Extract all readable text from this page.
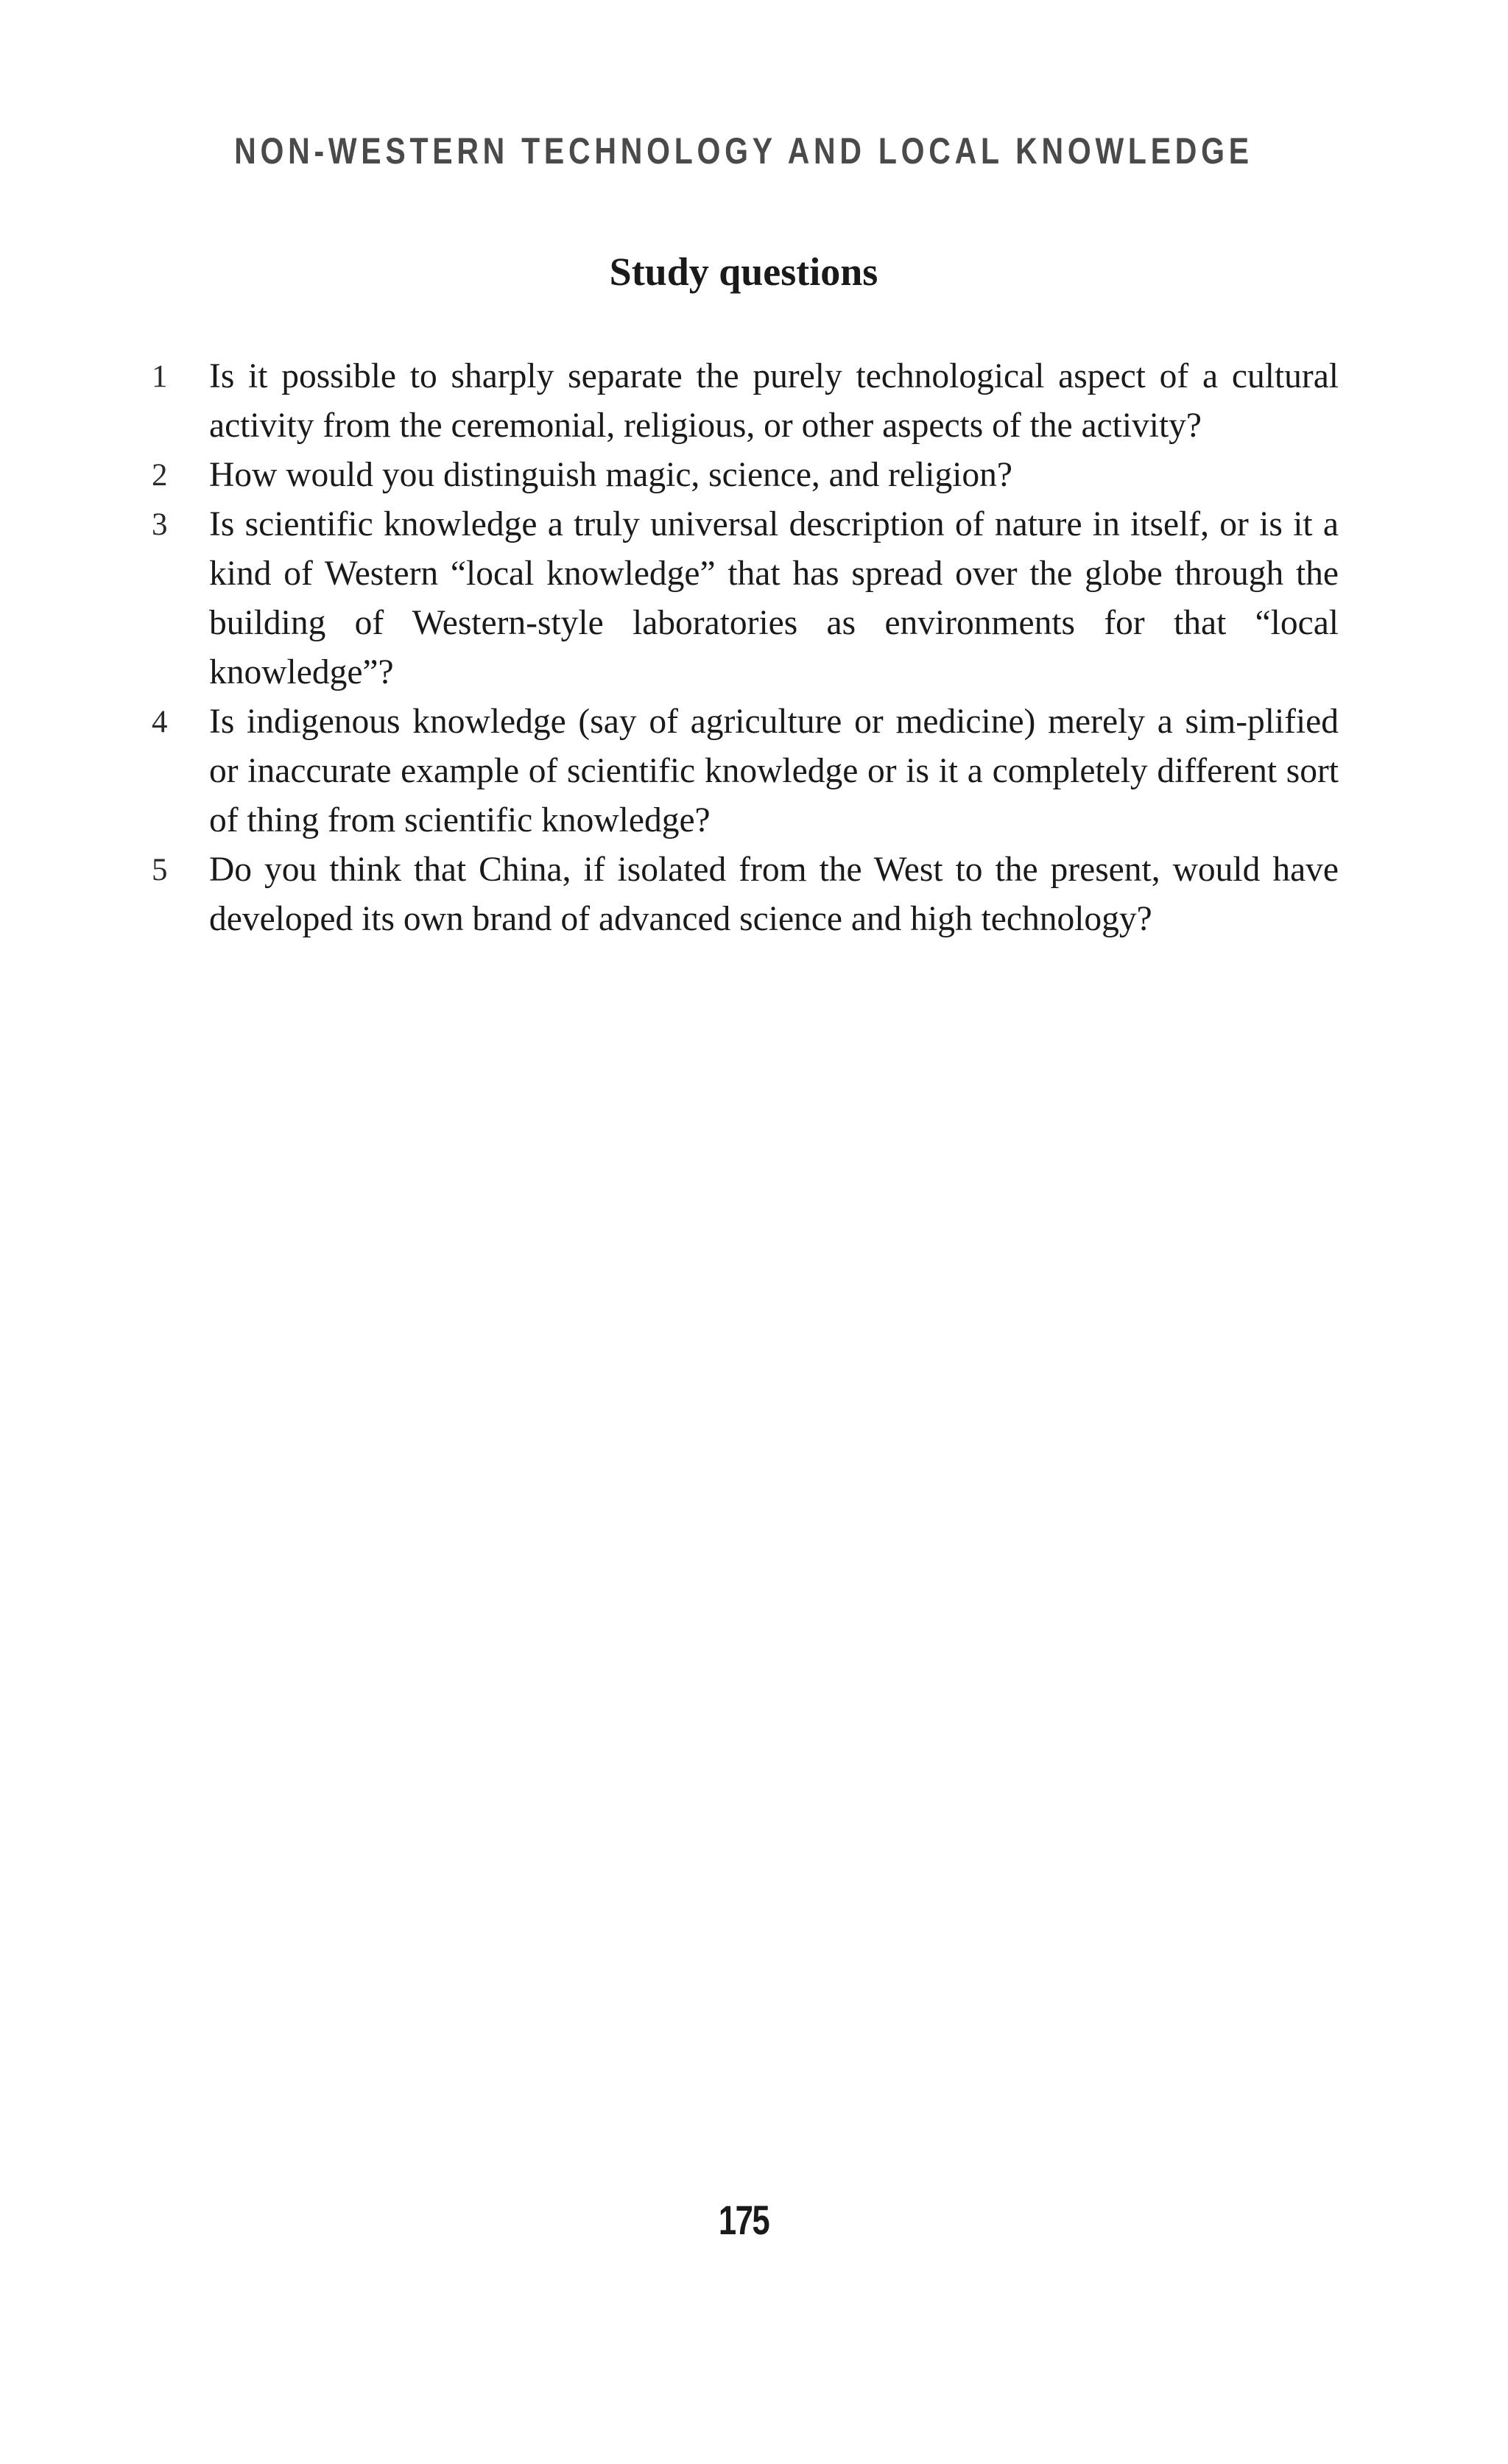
NON-WESTERN TECHNOLOGY AND LOCAL KNOWLEDGE
Study questions
1 Is it possible to sharply separate the purely technological aspect of a cultural activity from the ceremonial, religious, or other aspects of the activity?
2 How would you distinguish magic, science, and religion?
3 Is scientific knowledge a truly universal description of nature in itself, or is it a kind of Western “local knowledge” that has spread over the globe through the building of Western-style laboratories as environments for that “local knowledge”?
4 Is indigenous knowledge (say of agriculture or medicine) merely a sim-plified or inaccurate example of scientific knowledge or is it a completely different sort of thing from scientific knowledge?
5 Do you think that China, if isolated from the West to the present, would have developed its own brand of advanced science and high technology?
175
